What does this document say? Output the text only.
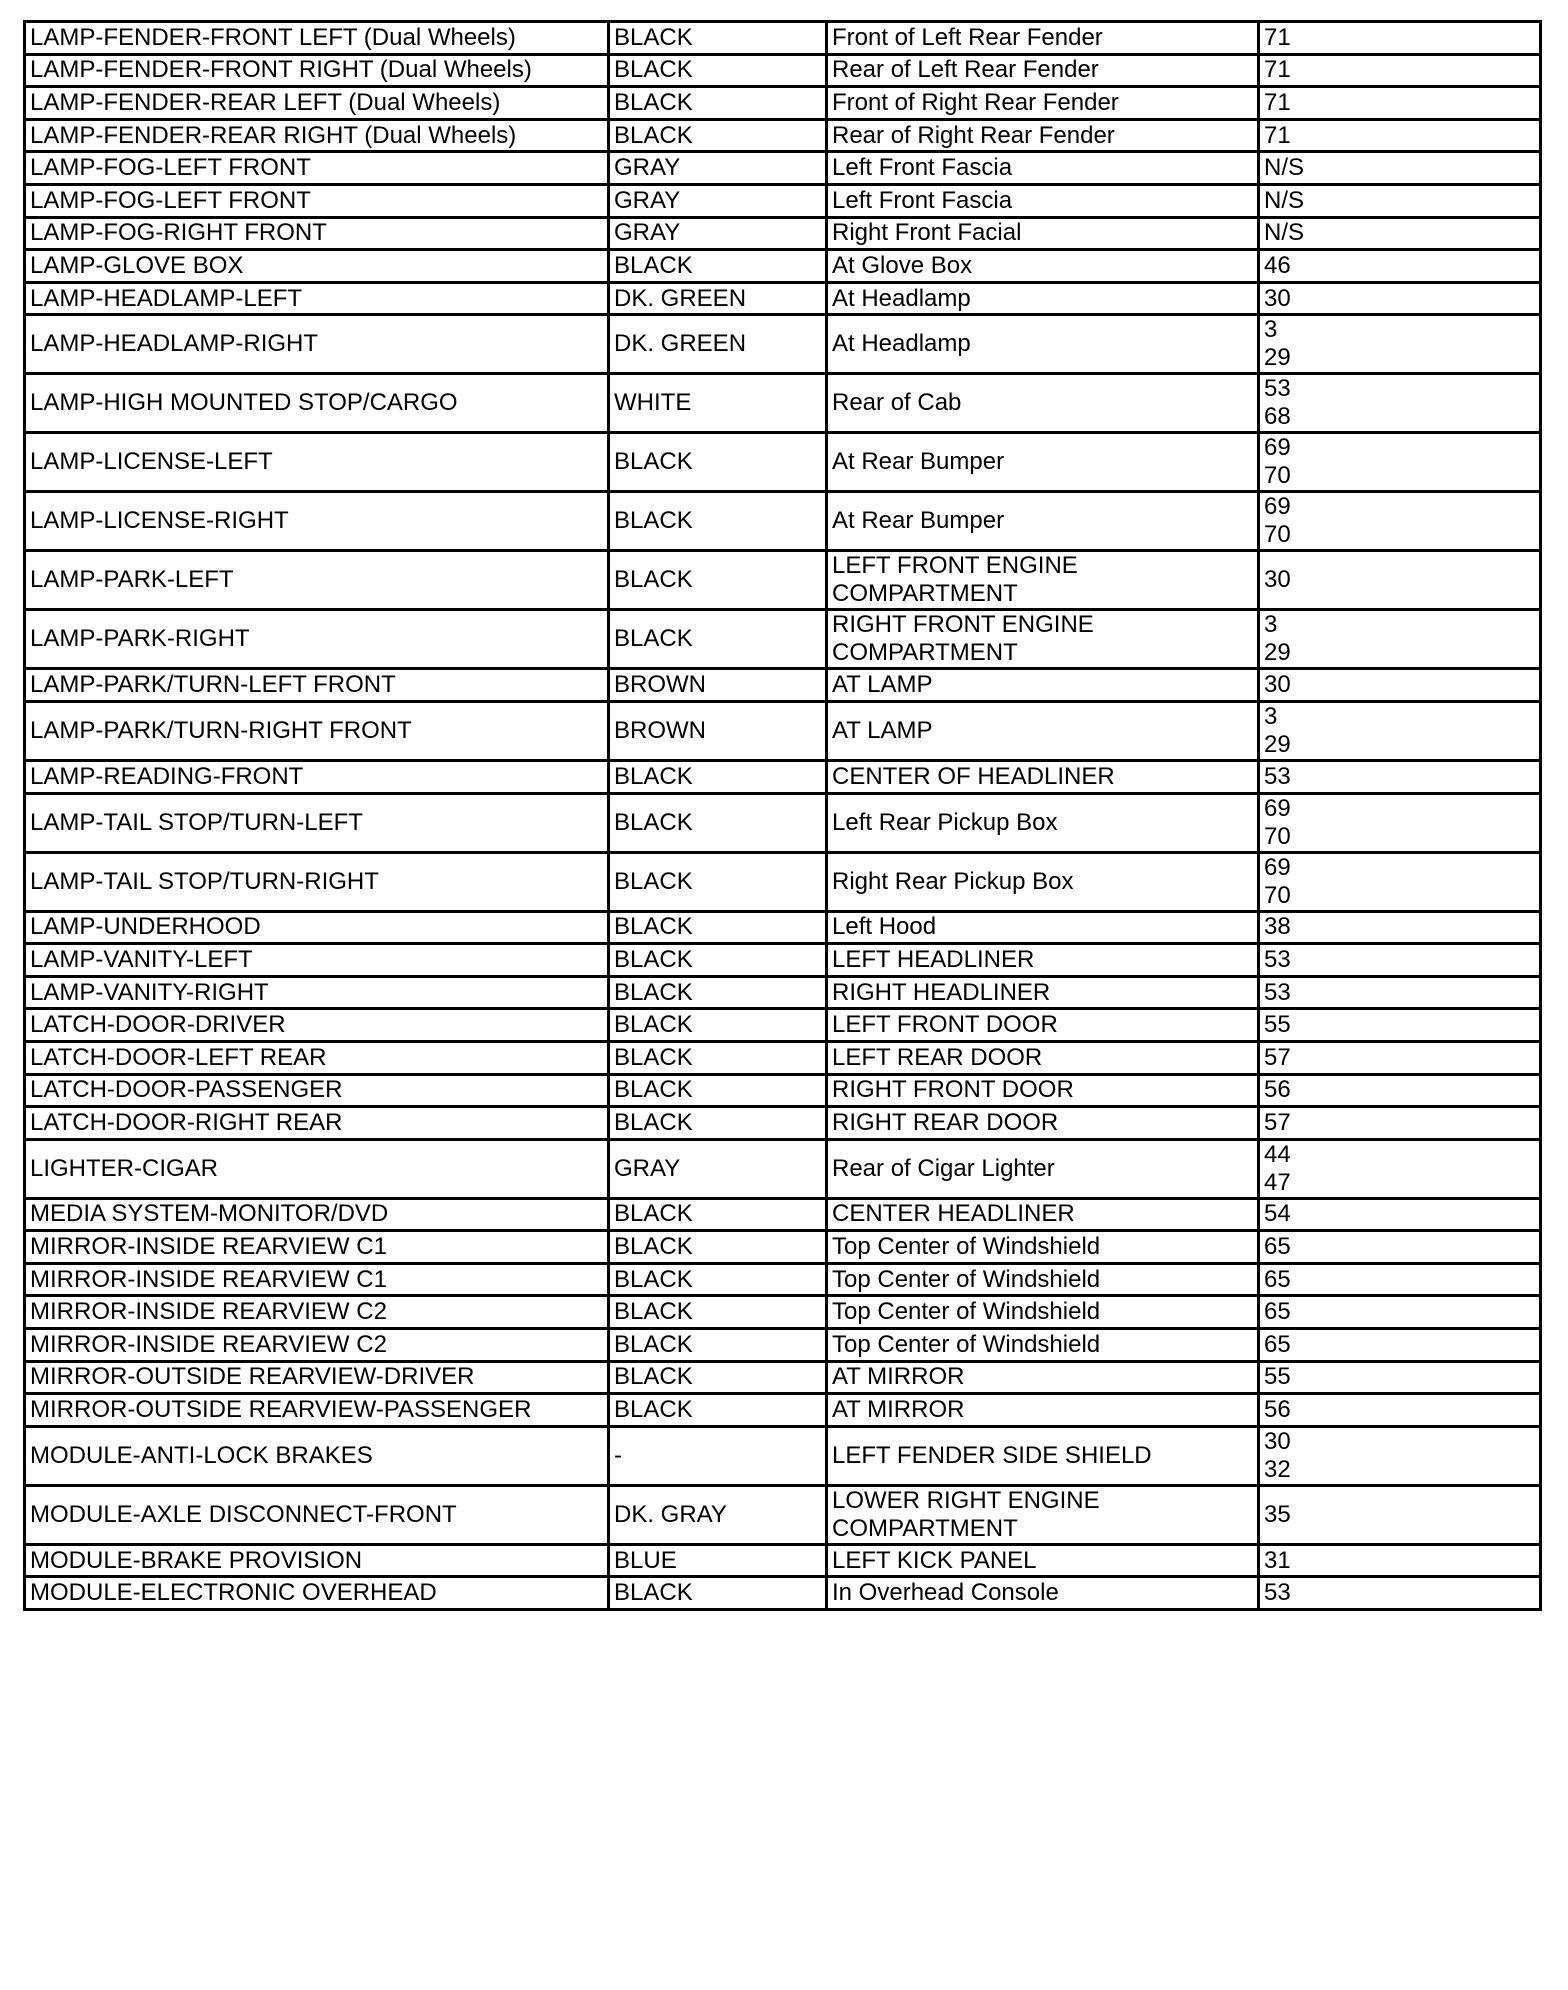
LAMP-FENDER-FRONT LEFT (Dual Wheels)	BLACK	Front of Left Rear Fender	71

LAMP-FENDER-FRONT RIGHT (Dual Wheels)	BLACK	Rear of Left Rear Fender	71

LAMP-FENDER-REAR LEFT (Dual Wheels)	BLACK	Front of Right Rear Fender	71

LAMP-FENDER-REAR RIGHT (Dual Wheels)	BLACK	Rear of Right Rear Fender	71

LAMP-FOG-LEFT FRONT	GRAY	Left Front Fascia	N/S

LAMP-FOG-LEFT FRONT	GRAY	Left Front Fascia	N/S

LAMP-FOG-RIGHT FRONT	GRAY	Right Front Facial	N/S

LAMP-GLOVE BOX	BLACK	At Glove Box	46

LAMP-HEADLAMP-LEFT	DK. GREEN	At Headlamp	30

LAMP-HEADLAMP-RIGHT	DK. GREEN	At Headlamp	3
29

LAMP-HIGH MOUNTED STOP/CARGO	WHITE	Rear of Cab	53
68

LAMP-LICENSE-LEFT	BLACK	At Rear Bumper	69
70

LAMP-LICENSE-RIGHT	BLACK	At Rear Bumper	69
70

LAMP-PARK-LEFT	BLACK	LEFT FRONT ENGINE
COMPARTMENT	30

LAMP-PARK-RIGHT	BLACK	RIGHT FRONT ENGINE
COMPARTMENT	3
29

LAMP-PARK/TURN-LEFT FRONT	BROWN	AT LAMP	30

LAMP-PARK/TURN-RIGHT FRONT	BROWN	AT LAMP	3
29

LAMP-READING-FRONT	BLACK	CENTER OF HEADLINER	53

LAMP-TAIL STOP/TURN-LEFT	BLACK	Left Rear Pickup Box	69
70

LAMP-TAIL STOP/TURN-RIGHT	BLACK	Right Rear Pickup Box	69
70

LAMP-UNDERHOOD	BLACK	Left Hood	38

LAMP-VANITY-LEFT	BLACK	LEFT HEADLINER	53

LAMP-VANITY-RIGHT	BLACK	RIGHT HEADLINER	53

LATCH-DOOR-DRIVER	BLACK	LEFT FRONT DOOR	55

LATCH-DOOR-LEFT REAR	BLACK	LEFT REAR DOOR	57

LATCH-DOOR-PASSENGER	BLACK	RIGHT FRONT DOOR	56

LATCH-DOOR-RIGHT REAR	BLACK	RIGHT REAR DOOR	57

LIGHTER-CIGAR	GRAY	Rear of Cigar Lighter	44
47

MEDIA SYSTEM-MONITOR/DVD	BLACK	CENTER HEADLINER	54

MIRROR-INSIDE REARVIEW C1	BLACK	Top Center of Windshield	65

MIRROR-INSIDE REARVIEW C1	BLACK	Top Center of Windshield	65

MIRROR-INSIDE REARVIEW C2	BLACK	Top Center of Windshield	65

MIRROR-INSIDE REARVIEW C2	BLACK	Top Center of Windshield	65

MIRROR-OUTSIDE REARVIEW-DRIVER	BLACK	AT MIRROR	55

MIRROR-OUTSIDE REARVIEW-PASSENGER	BLACK	AT MIRROR	56

MODULE-ANTI-LOCK BRAKES	-	LEFT FENDER SIDE SHIELD	30
32

MODULE-AXLE DISCONNECT-FRONT	DK. GRAY	LOWER RIGHT ENGINE
COMPARTMENT	35

MODULE-BRAKE PROVISION	BLUE	LEFT KICK PANEL	31

MODULE-ELECTRONIC OVERHEAD	BLACK	In Overhead Console	53
